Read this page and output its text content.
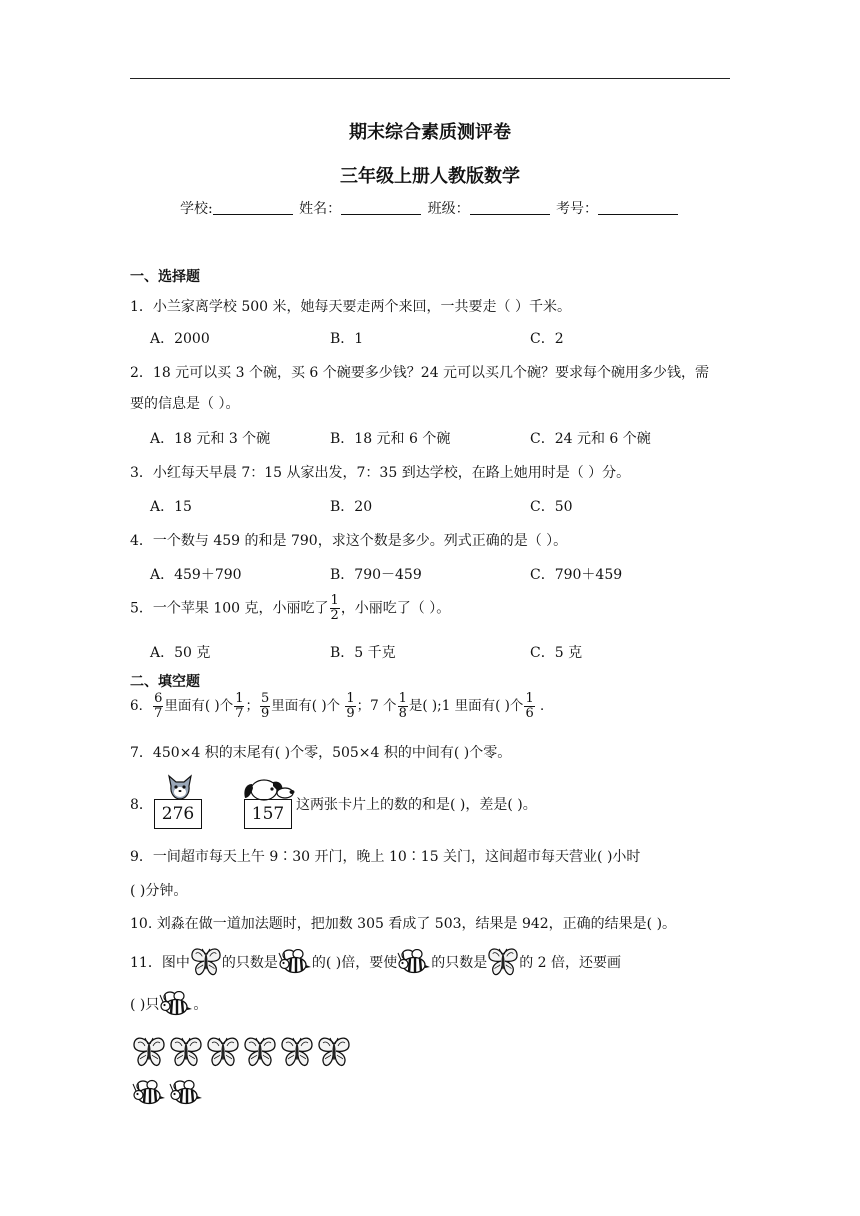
期末综合素质测评卷
三年级上册人教版数学
学校:	姓名：	班级：	考号：
一、选择题
1．小兰家离学校 500 米，她每天要走两个来回，一共要走（ ）千米。
A．2000	B．1	C．2
2．18 元可以买 3 个碗，买 6 个碗要多少钱？24 元可以买几个碗？要求每个碗用多少钱，需
要的信息是（ ）。
A．18 元和 3 个碗	B．18 元和 6 个碗	C．24 元和 6 个碗
3．小红每天早晨 7：15 从家出发，7：35 到达学校，在路上她用时是（ ）分。
A．15	B．20	C．50
4．一个数与 459 的和是 790，求这个数是多少。列式正确的是（ ）。
A．459＋790	B．790－459	C．790＋459
5．一个苹果 100 克，小丽吃了 $\frac{1}{2}$ ，小丽吃了（ ）。
A．50 克	B．5 千克	C．5 克
二、填空题
6． $\frac{6}{7}$ 里面有( )个 $\frac{1}{7}$ ； $\frac{5}{9}$ 里面有( )个 $\frac{1}{9}$ ；7 个 $\frac{1}{8}$ 是( );1 里面有( )个 $\frac{1}{6}$ ．
7．450×4 积的末尾有( )个零，505×4 积的中间有( )个零。
8． 276	157 这两张卡片上的数的和是( )，差是( )。
9．一间超市每天上午 9∶30 开门，晚上 10∶15 关门，这间超市每天营业( )小时
( )分钟。
10. 刘淼在做一道加法题时，把加数 305 看成了 503，结果是 942，正确的结果是( )。
11．图中 的只数是 的( )倍，要使 的只数是 的 2 倍，还要画
( )只 。
